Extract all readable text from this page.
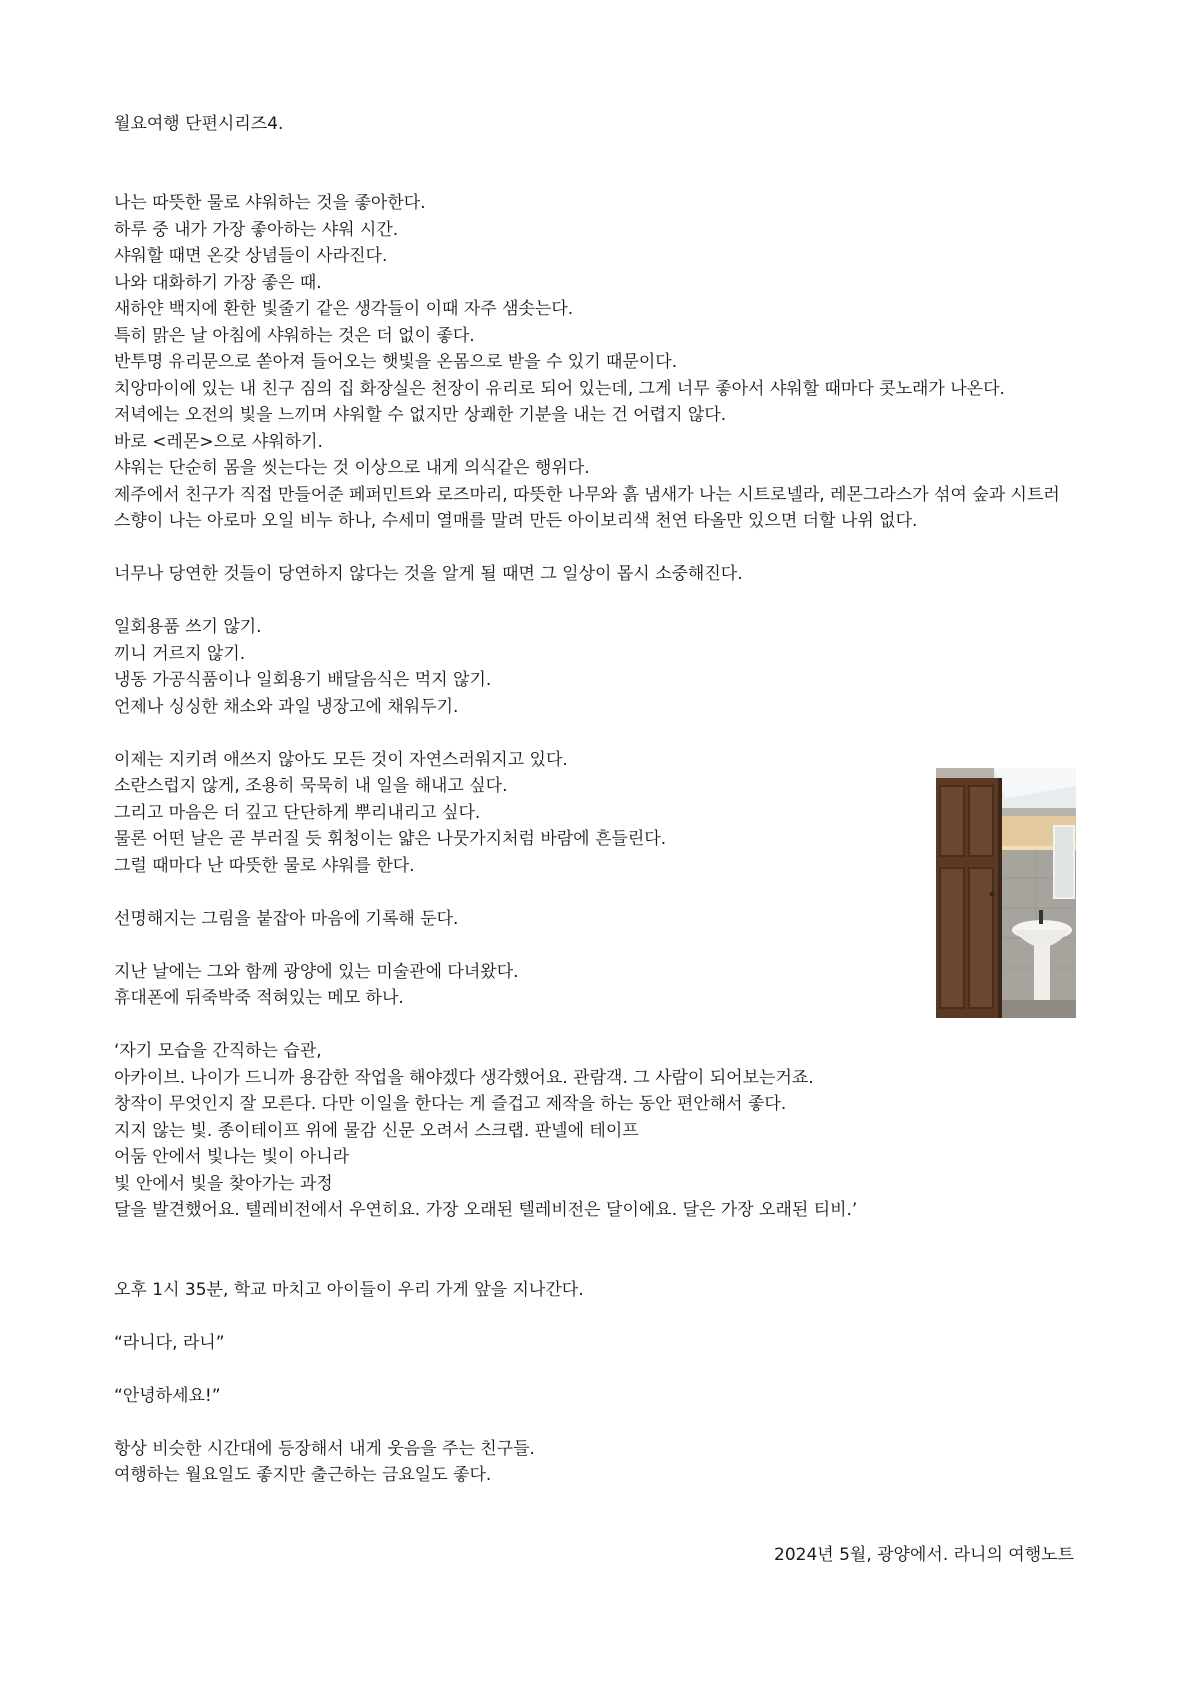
월요여행 단편시리즈4.
나는 따뜻한 물로 샤워하는 것을 좋아한다.
하루 중 내가 가장 좋아하는 샤워 시간.
샤워할 때면 온갖 상념들이 사라진다.
나와 대화하기 가장 좋은 때.
새하얀 백지에 환한 빛줄기 같은 생각들이 이때 자주 샘솟는다.
특히 맑은 날 아침에 샤워하는 것은 더 없이 좋다.
반투명 유리문으로 쏟아져 들어오는 햇빛을 온몸으로 받을 수 있기 때문이다.
치앙마이에 있는 내 친구 짐의 집 화장실은 천장이 유리로 되어 있는데, 그게 너무 좋아서 샤워할 때마다 콧노래가 나온다.
저녁에는 오전의 빛을 느끼며 샤워할 수 없지만 상쾌한 기분을 내는 건 어렵지 않다.
바로 <레몬>으로 샤워하기.
샤워는 단순히 몸을 씻는다는 것 이상으로 내게 의식같은 행위다.
제주에서 친구가 직접 만들어준 페퍼민트와 로즈마리, 따뜻한 나무와 흙 냄새가 나는 시트로넬라, 레몬그라스가 섞여 숲과 시트러스향이 나는 아로마 오일 비누 하나, 수세미 열매를 말려 만든 아이보리색 천연 타올만 있으면 더할 나위 없다.
너무나 당연한 것들이 당연하지 않다는 것을 알게 될 때면 그 일상이 몹시 소중해진다.
일회용품 쓰기 않기.
끼니 거르지 않기.
냉동 가공식품이나 일회용기 배달음식은 먹지 않기.
언제나 싱싱한 채소와 과일 냉장고에 채워두기.
이제는 지키려 애쓰지 않아도 모든 것이 자연스러워지고 있다.
소란스럽지 않게, 조용히 묵묵히 내 일을 해내고 싶다.
그리고 마음은 더 깊고 단단하게 뿌리내리고 싶다.
물론 어떤 날은 곧 부러질 듯 휘청이는 얇은 나뭇가지처럼 바람에 흔들린다.
그럴 때마다 난 따뜻한 물로 샤워를 한다.
선명해지는 그림을 붙잡아 마음에 기록해 둔다.
지난 날에는 그와 함께 광양에 있는 미술관에 다녀왔다.
휴대폰에 뒤죽박죽 적혀있는 메모 하나.
‘자기 모습을 간직하는 습관,
아카이브. 나이가 드니까 용감한 작업을 해야겠다 생각했어요. 관람객. 그 사람이 되어보는거죠.
창작이 무엇인지 잘 모른다. 다만 이일을 한다는 게 즐겁고 제작을 하는 동안 편안해서 좋다.
지지 않는 빛. 종이테이프 위에 물감 신문 오려서 스크랩. 판넬에 테이프
어둠 안에서 빛나는 빛이 아니라
빛 안에서 빛을 찾아가는 과정
달을 발견했어요. 텔레비전에서 우연히요. 가장 오래된 텔레비전은 달이에요. 달은 가장 오래된 티비.’
오후 1시 35분, 학교 마치고 아이들이 우리 가게 앞을 지나간다.
“라니다, 라니”
“안녕하세요!”
항상 비슷한 시간대에 등장해서 내게 웃음을 주는 친구들.
여행하는 월요일도 좋지만 출근하는 금요일도 좋다.
2024년 5월, 광양에서. 라니의 여행노트
